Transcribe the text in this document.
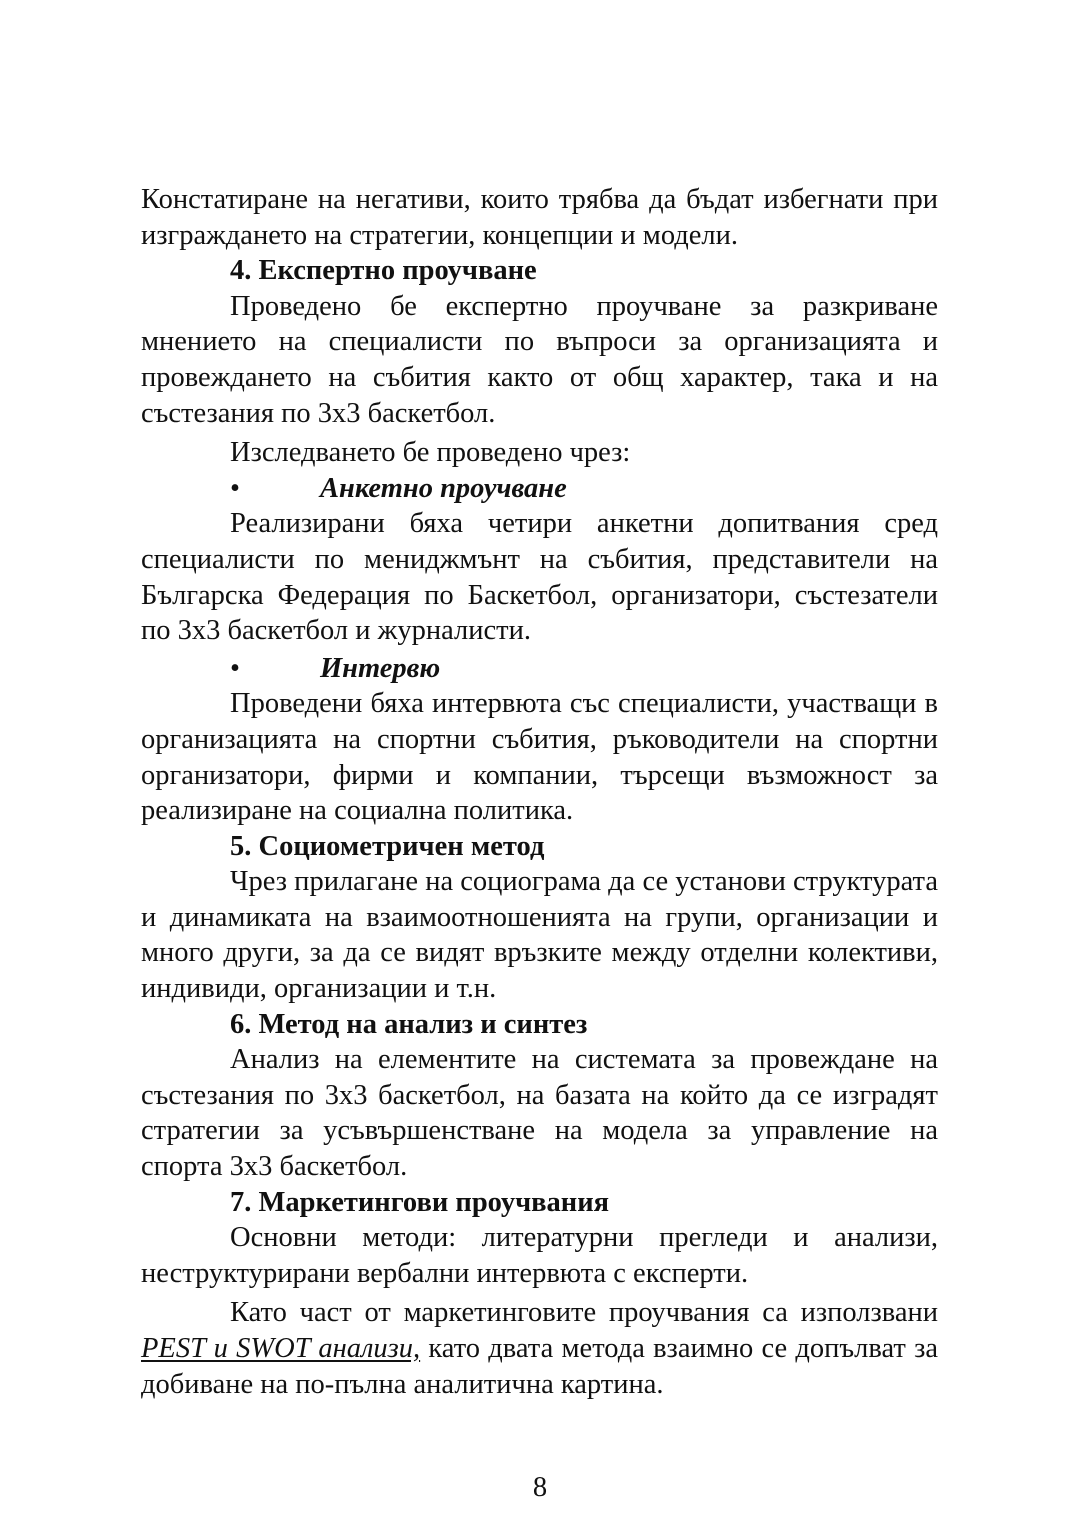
Констатиране на негативи, които трябва да бъдат избегнати при изграждането на стратегии, концепции и модели.

4. Експертно проучване

Проведено бе експертно проучване за разкриване мнението на специалисти по въпроси за организацията и провеждането на събития както от общ характер, така и на състезания по 3х3 баскетбол.

Изследването бе проведено чрез:

•	Анкетно проучване

Реализирани бяха четири анкетни допитвания сред специалисти по мениджмънт на събития, представители на Българска Федерация по Баскетбол, организатори, състезатели по 3х3 баскетбол и журналисти.

•	Интервю

Проведени бяха интервюта със специалисти, участващи в организацията на спортни събития, ръководители на спортни организатори, фирми и компании, търсещи възможност за реализиране на социална политика.

5. Социометричен метод

Чрез прилагане на социограма да се установи структурата и динамиката на взаимоотношенията на групи, организации и много други, за да се видят връзките между отделни колективи, индивиди, организации и т.н.

6. Метод на анализ и синтез

Анализ на елементите на системата за провеждане на състезания по 3х3 баскетбол, на базата на който да се изградят стратегии за усъвършенстване на модела за управление на спорта 3х3 баскетбол.

7. Маркетингови проучвания

Основни методи: литературни прегледи и анализи, неструктурирани вербални интервюта с експерти.

Като част от маркетинговите проучвания са използвани PEST и SWOT анализи, като двата метода взаимно се допълват за добиване на по-пълна аналитична картина.

8
